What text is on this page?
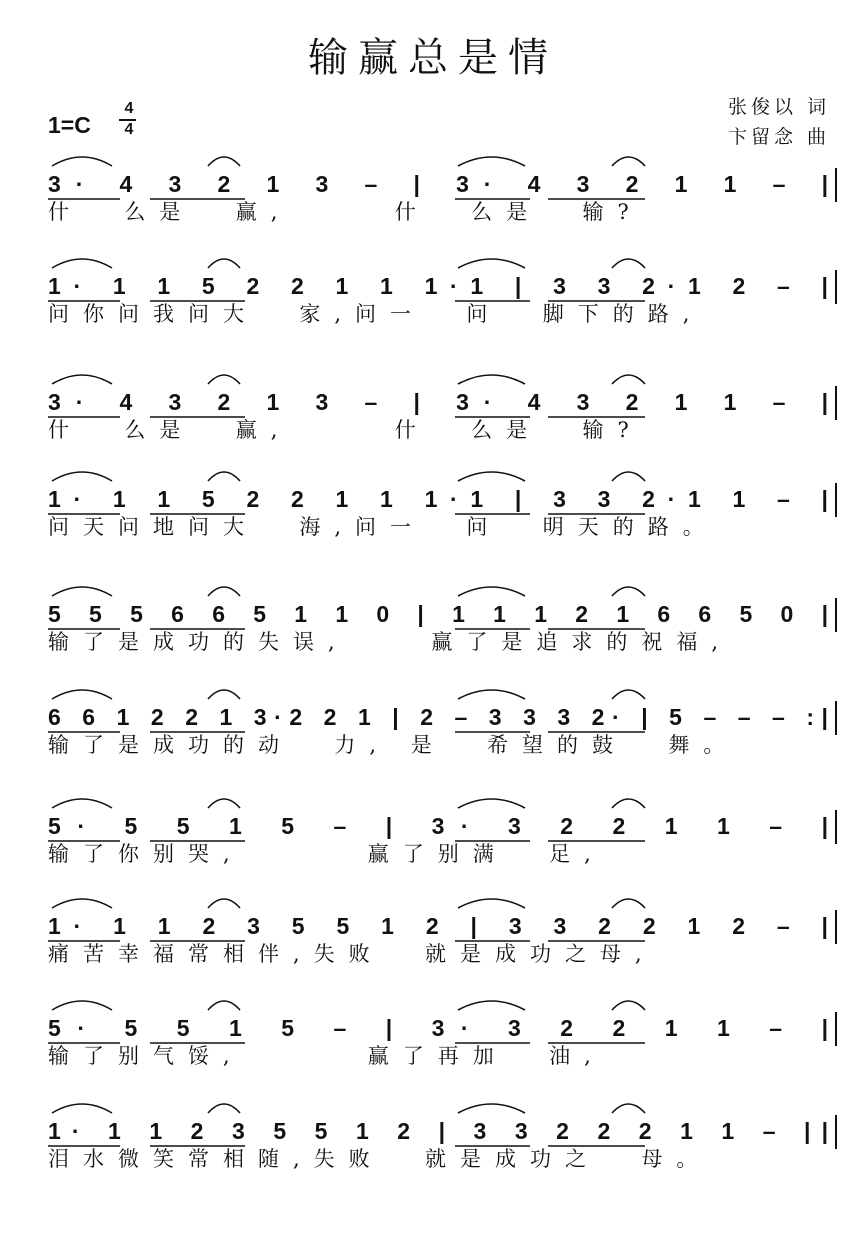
输赢总是情
张俊以 词
卞留念 曲
1=C
4
4
3· 4 3 2 1 3 – | 3· 4 3 2 1 1 – |
什  么是  赢,     什  么是  输?
1· 1 1 5 2 2 1 1 1·1 | 3 3 2·1 2 – |
问你问我问大  家,问一  问  脚下的路,
3· 4 3 2 1 3 – | 3· 4 3 2 1 1 – |
什  么是  赢,     什  么是  输?
1· 1 1 5 2 2 1 1 1·1 | 3 3 2·1 1 – |
问天问地问大  海,问一  问  明天的路。
5 5 5 6 6 5 1 1 0 | 1 1 1 2 1 6 6 5 0 |
输了是成功的失误,    赢了是追求的祝福,
6 6 1 2 2 1 3·2 2 1 | 2 – 3 3 3 2· | 5 – – – :|
输了是成功的动  力, 是  希望的鼓  舞。
5· 5 5 1 5 – | 3· 3 2 2 1 1 – |
输了你别哭,      赢了别满  足,
1· 1 1 2 3 5 5 1 2 | 3 3 2 2 1 2 – |
痛苦幸福常相伴,失败  就是成功之母,
5· 5 5 1 5 – | 3· 3 2 2 1 1 – |
输了别气馁,      赢了再加  油,
1· 1 1 2 3 5 5 1 2 | 3 3 2 2 2 1 1 – ||
泪水微笑常相随,失败  就是成功之  母。
